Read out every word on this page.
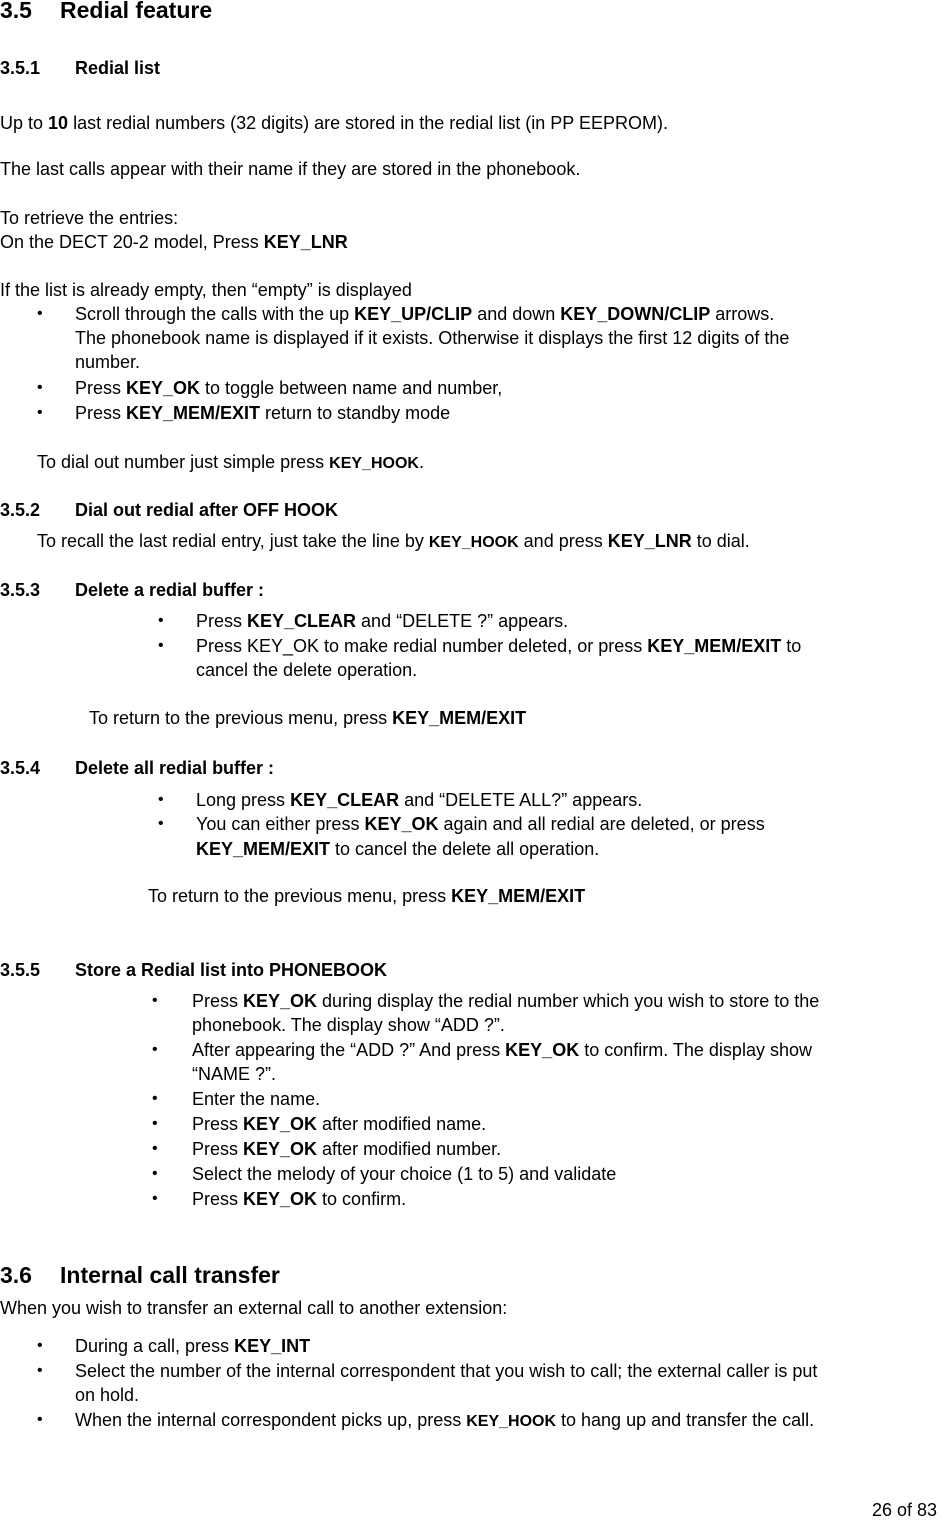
3.5 Redial feature
3.5.1 Redial list
Up to 10 last redial numbers (32 digits) are stored in the redial list (in PP EEPROM).
The last calls appear with their name if they are stored in the phonebook.
To retrieve the entries:
On the DECT 20-2 model, Press KEY_LNR
If the list is already empty, then “empty” is displayed
• Scroll through the calls with the up KEY_UP/CLIP and down KEY_DOWN/CLIP arrows.
The phonebook name is displayed if it exists. Otherwise it displays the first 12 digits of the
number.
• Press KEY_OK to toggle between name and number,
• Press KEY_MEM/EXIT return to standby mode
To dial out number just simple press KEY_HOOK.
3.5.2 Dial out redial after OFF HOOK
To recall the last redial entry, just take the line by KEY_HOOK and press KEY_LNR to dial.
3.5.3 Delete a redial buffer :
• Press KEY_CLEAR and “DELETE ?” appears.
• Press KEY_OK to make redial number deleted, or press KEY_MEM/EXIT to
cancel the delete operation.
To return to the previous menu, press KEY_MEM/EXIT
3.5.4 Delete all redial buffer :
• Long press KEY_CLEAR and “DELETE ALL?” appears.
• You can either press KEY_OK again and all redial are deleted, or press
KEY_MEM/EXIT to cancel the delete all operation.
To return to the previous menu, press KEY_MEM/EXIT
3.5.5 Store a Redial list into PHONEBOOK
• Press KEY_OK during display the redial number which you wish to store to the
phonebook. The display show “ADD ?”.
• After appearing the “ADD ?” And press KEY_OK to confirm. The display show
“NAME ?”.
• Enter the name.
• Press KEY_OK after modified name.
• Press KEY_OK after modified number.
• Select the melody of your choice (1 to 5) and validate
• Press KEY_OK to confirm.
3.6 Internal call transfer
When you wish to transfer an external call to another extension:
• During a call, press KEY_INT
• Select the number of the internal correspondent that you wish to call; the external caller is put
on hold.
• When the internal correspondent picks up, press KEY_HOOK to hang up and transfer the call.
26 of 83
